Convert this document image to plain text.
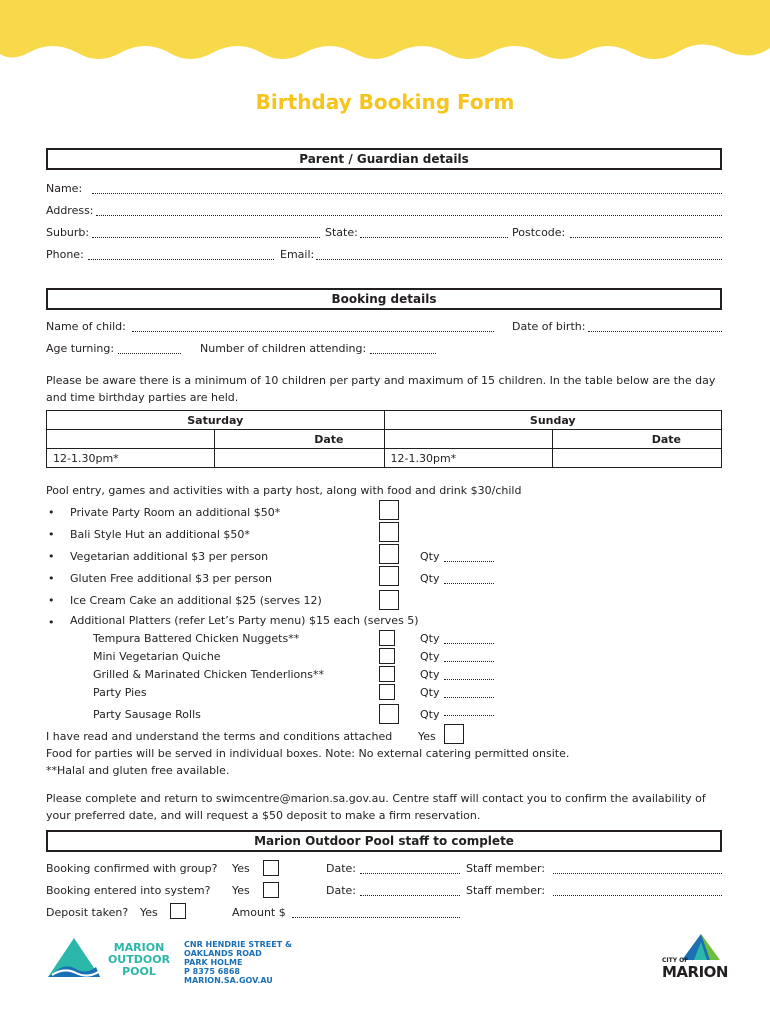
Birthday Booking Form
Parent / Guardian details
Name:
Address:
Suburb:	State:	Postcode:
Phone:	Email:
Booking details
Name of child:	Date of birth:
Age turning:	Number of children attending:
Please be aware there is a minimum of 10 children per party and maximum of 15 children. In the table below are the day and time birthday parties are held.
Saturday		Sunday	
	Date		Date
12-1.30pm*		12-1.30pm*	
Pool entry, games and activities with a party host, along with food and drink $30/child
• Private Party Room an additional $50*
• Bali Style Hut an additional $50*
• Vegetarian additional $3 per person	Qty
• Gluten Free additional $3 per person	Qty
• Ice Cream Cake an additional $25 (serves 12)
• Additional Platters (refer Let’s Party menu) $15 each (serves 5)
Tempura Battered Chicken Nuggets**	Qty
Mini Vegetarian Quiche	Qty
Grilled & Marinated Chicken Tenderlions**	Qty
Party Pies	Qty
Party Sausage Rolls	Qty
I have read and understand the terms and conditions attached Yes
Food for parties will be served in individual boxes. Note: No external catering permitted onsite.
**Halal and gluten free available.
Please complete and return to swimcentre@marion.sa.gov.au. Centre staff will contact you to confirm the availability of your preferred date, and will request a $50 deposit to make a firm reservation.
Marion Outdoor Pool staff to complete
Booking confirmed with group? Yes	Date:	Staff member:
Booking entered into system? Yes	Date:	Staff member:
Deposit taken? Yes	Amount $
MARION
OUTDOOR
POOL
CNR HENDRIE STREET &
OAKLANDS ROAD
PARK HOLME
P 8375 6868
MARION.SA.GOV.AU
CITY OF
MARION
